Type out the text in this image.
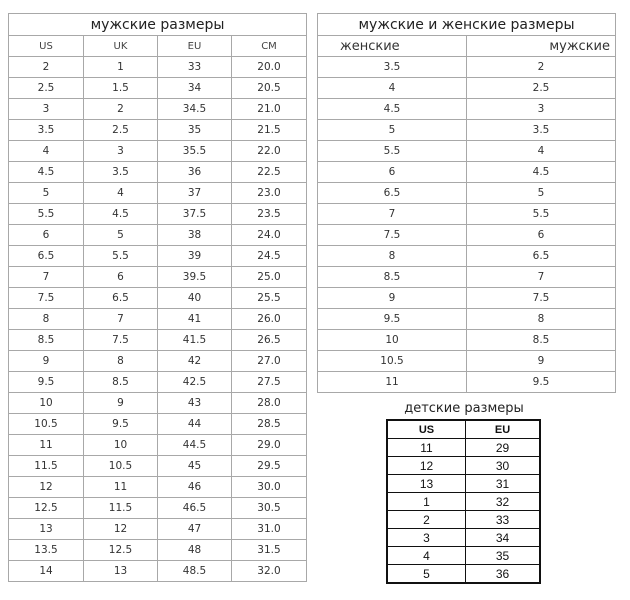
мужские размеры			
US	UK	EU	CM
2	1	33	20.0
2.5	1.5	34	20.5
3	2	34.5	21.0
3.5	2.5	35	21.5
4	3	35.5	22.0
4.5	3.5	36	22.5
5	4	37	23.0
5.5	4.5	37.5	23.5
6	5	38	24.0
6.5	5.5	39	24.5
7	6	39.5	25.0
7.5	6.5	40	25.5
8	7	41	26.0
8.5	7.5	41.5	26.5
9	8	42	27.0
9.5	8.5	42.5	27.5
10	9	43	28.0
10.5	9.5	44	28.5
11	10	44.5	29.0
11.5	10.5	45	29.5
12	11	46	30.0
12.5	11.5	46.5	30.5
13	12	47	31.0
13.5	12.5	48	31.5
14	13	48.5	32.0
мужские и женские размеры	
женские	мужские
3.5	2
4	2.5
4.5	3
5	3.5
5.5	4
6	4.5
6.5	5
7	5.5
7.5	6
8	6.5
8.5	7
9	7.5
9.5	8
10	8.5
10.5	9
11	9.5
детские размеры
US	EU
11	29
12	30
13	31
1	32
2	33
3	34
4	35
5	36
